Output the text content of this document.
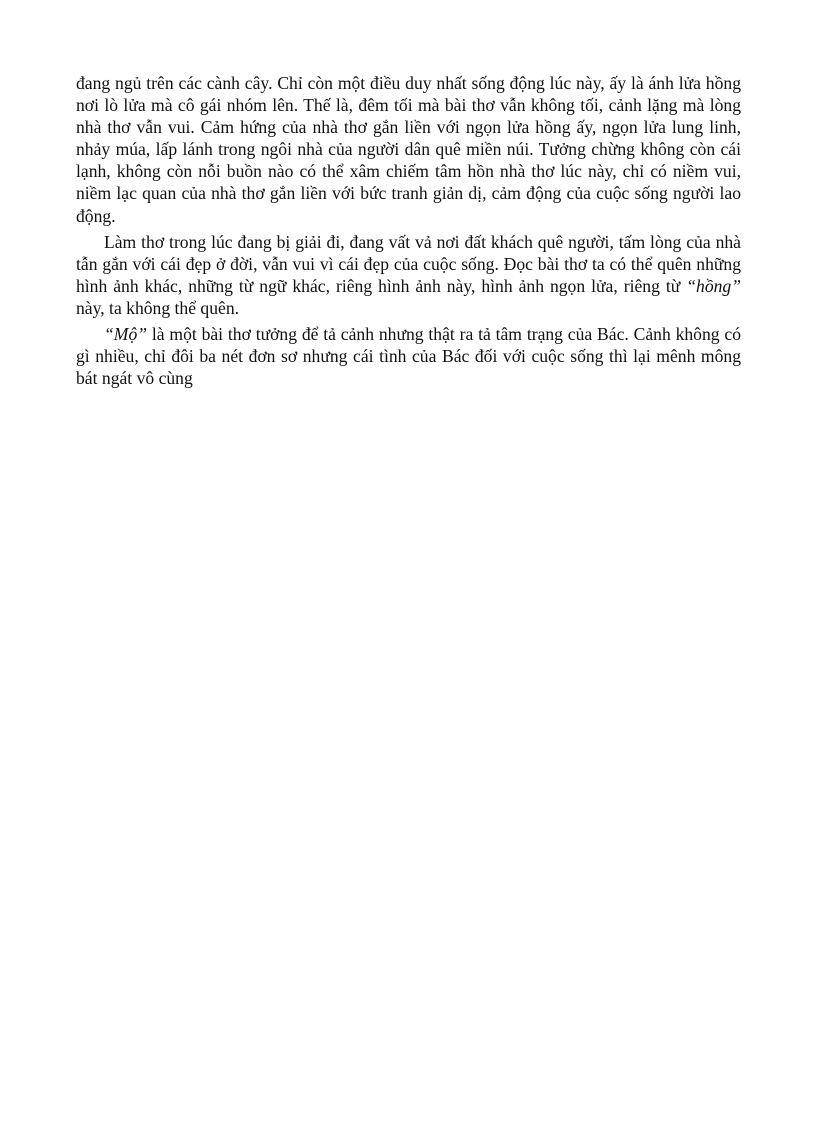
đang ngủ trên các cành cây. Chỉ còn một điều duy nhất sống động lúc này, ấy là ánh lửa hồng nơi lò lửa mà cô gái nhóm lên. Thế là, đêm tối mà bài thơ vẫn không tối, cảnh lặng mà lòng nhà thơ vẫn vui. Cảm hứng của nhà thơ gắn liền với ngọn lửa hồng ấy, ngọn lửa lung linh, nhảy múa, lấp lánh trong ngôi nhà của người dân quê miền núi. Tưởng chừng không còn cái lạnh, không còn nỗi buồn nào có thể xâm chiếm tâm hồn nhà thơ lúc này, chỉ có niềm vui, niềm lạc quan của nhà thơ gắn liền với bức tranh giản dị, cảm động của cuộc sống người lao động.

Làm thơ trong lúc đang bị giải đi, đang vất vả nơi đất khách quê người, tấm lòng của nhà tẫn gắn với cái đẹp ở đời, vẫn vui vì cái đẹp của cuộc sống. Đọc bài thơ ta có thể quên những hình ảnh khác, những từ ngữ khác, riêng hình ảnh này, hình ảnh ngọn lửa, riêng từ “hồng” này, ta không thể quên.

“Mộ” là một bài thơ tưởng để tả cảnh nhưng thật ra tả tâm trạng của Bác. Cảnh không có gì nhiều, chỉ đôi ba nét đơn sơ nhưng cái tình của Bác đối với cuộc sống thì lại mênh mông bát ngát vô cùng
